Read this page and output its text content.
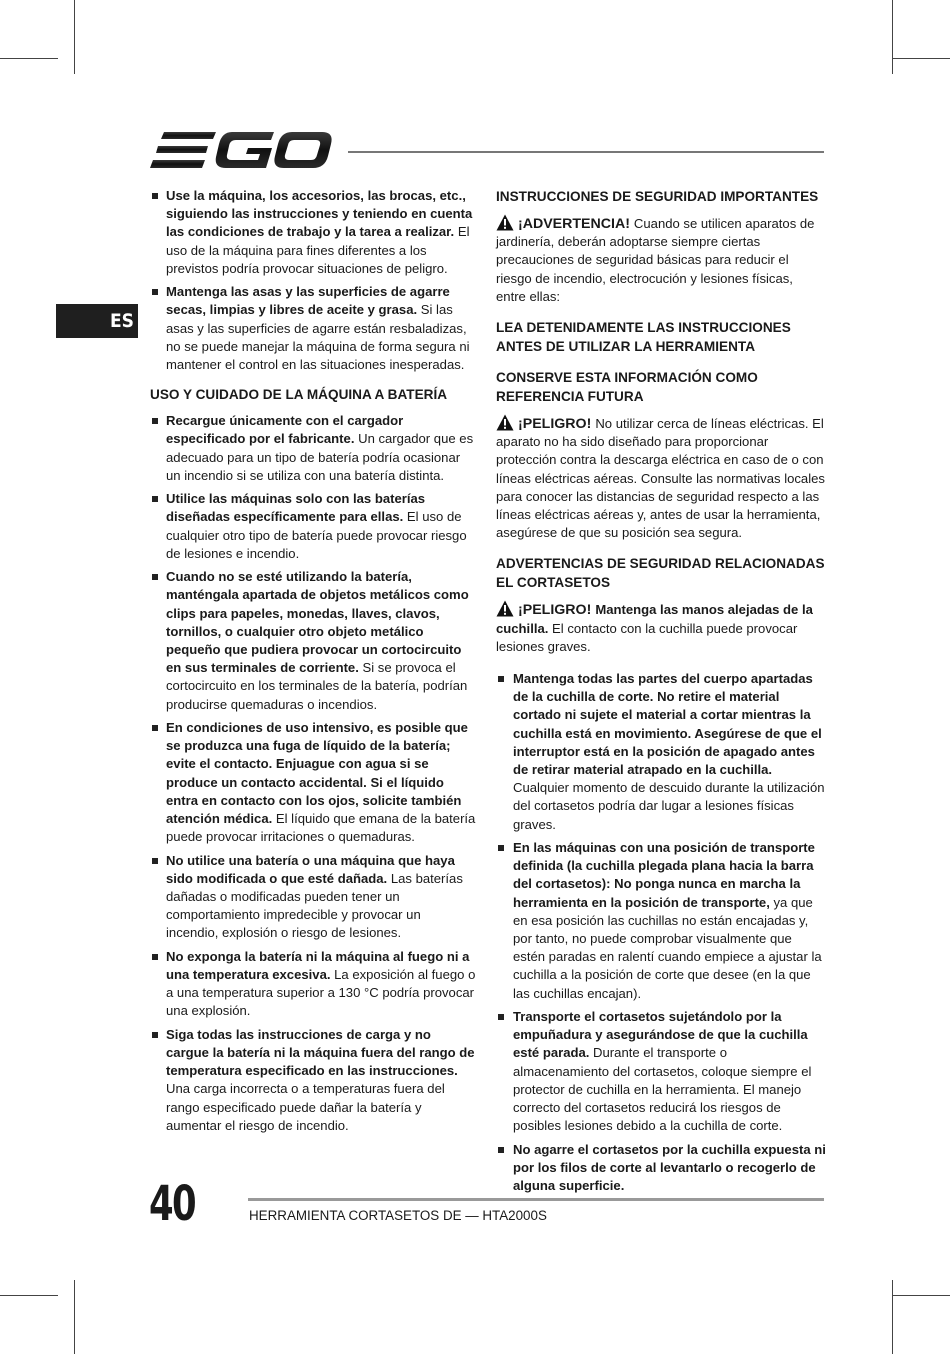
ES
Use la máquina, los accesorios, las brocas, etc., siguiendo las instrucciones y teniendo en cuenta las condiciones de trabajo y la tarea a realizar. El uso de la máquina para fines diferentes a los previstos podría provocar situaciones de peligro.
Mantenga las asas y las superficies de agarre secas, limpias y libres de aceite y grasa. Si las asas y las superficies de agarre están resbaladizas, no se puede manejar la máquina de forma segura ni mantener el control en las situaciones inesperadas.
USO Y CUIDADO DE LA MÁQUINA A BATERÍA
Recargue únicamente con el cargador especificado por el fabricante. Un cargador que es adecuado para un tipo de batería podría ocasionar un incendio si se utiliza con una batería distinta.
Utilice las máquinas solo con las baterías diseñadas específicamente para ellas. El uso de cualquier otro tipo de batería puede provocar riesgo de lesiones e incendio.
Cuando no se esté utilizando la batería, manténgala apartada de objetos metálicos como clips para papeles, monedas, llaves, clavos, tornillos, o cualquier otro objeto metálico pequeño que pudiera provocar un cortocircuito en sus terminales de corriente. Si se provoca el cortocircuito en los terminales de la batería, podrían producirse quemaduras o incendios.
En condiciones de uso intensivo, es posible que se produzca una fuga de líquido de la batería; evite el contacto. Enjuague con agua si se produce un contacto accidental. Si el líquido entra en contacto con los ojos, solicite también atención médica. El líquido que emana de la batería puede provocar irritaciones o quemaduras.
No utilice una batería o una máquina que haya sido modificada o que esté dañada. Las baterías dañadas o modificadas pueden tener un comportamiento impredecible y provocar un incendio, explosión o riesgo de lesiones.
No exponga la batería ni la máquina al fuego ni a una temperatura excesiva. La exposición al fuego o a una temperatura superior a 130 °C podría provocar una explosión.
Siga todas las instrucciones de carga y no cargue la batería ni la máquina fuera del rango de temperatura especificado en las instrucciones. Una carga incorrecta o a temperaturas fuera del rango especificado puede dañar la batería y aumentar el riesgo de incendio.
INSTRUCCIONES DE SEGURIDAD IMPORTANTES
¡ADVERTENCIA! Cuando se utilicen aparatos de jardinería, deberán adoptarse siempre ciertas precauciones de seguridad básicas para reducir el riesgo de incendio, electrocución y lesiones físicas, entre ellas:
LEA DETENIDAMENTE LAS INSTRUCCIONES ANTES DE UTILIZAR LA HERRAMIENTA
CONSERVE ESTA INFORMACIÓN COMO REFERENCIA FUTURA
¡PELIGRO! No utilizar cerca de líneas eléctricas. El aparato no ha sido diseñado para proporcionar protección contra la descarga eléctrica en caso de o con líneas eléctricas aéreas. Consulte las normativas locales para conocer las distancias de seguridad respecto a las líneas eléctricas aéreas y, antes de usar la herramienta, asegúrese de que su posición sea segura.
ADVERTENCIAS DE SEGURIDAD RELACIONADAS EL CORTASETOS
¡PELIGRO! Mantenga las manos alejadas de la cuchilla. El contacto con la cuchilla puede provocar lesiones graves.
Mantenga todas las partes del cuerpo apartadas de la cuchilla de corte. No retire el material cortado ni sujete el material a cortar mientras la cuchilla está en movimiento. Asegúrese de que el interruptor está en la posición de apagado antes de retirar material atrapado en la cuchilla. Cualquier momento de descuido durante la utilización del cortasetos podría dar lugar a lesiones físicas graves.
En las máquinas con una posición de transporte definida (la cuchilla plegada plana hacia la barra del cortasetos): No ponga nunca en marcha la herramienta en la posición de transporte, ya que en esa posición las cuchillas no están encajadas y, por tanto, no puede comprobar visualmente que estén paradas en ralentí cuando empiece a ajustar la cuchilla a la posición de corte que desee (en la que las cuchillas encajan).
Transporte el cortasetos sujetándolo por la empuñadura y asegurándose de que la cuchilla esté parada. Durante el transporte o almacenamiento del cortasetos, coloque siempre el protector de cuchilla en la herramienta. El manejo correcto del cortasetos reducirá los riesgos de posibles lesiones debido a la cuchilla de corte.
No agarre el cortasetos por la cuchilla expuesta ni por los filos de corte al levantarlo o recogerlo de alguna superficie.
40	HERRAMIENTA CORTASETOS DE — HTA2000S
